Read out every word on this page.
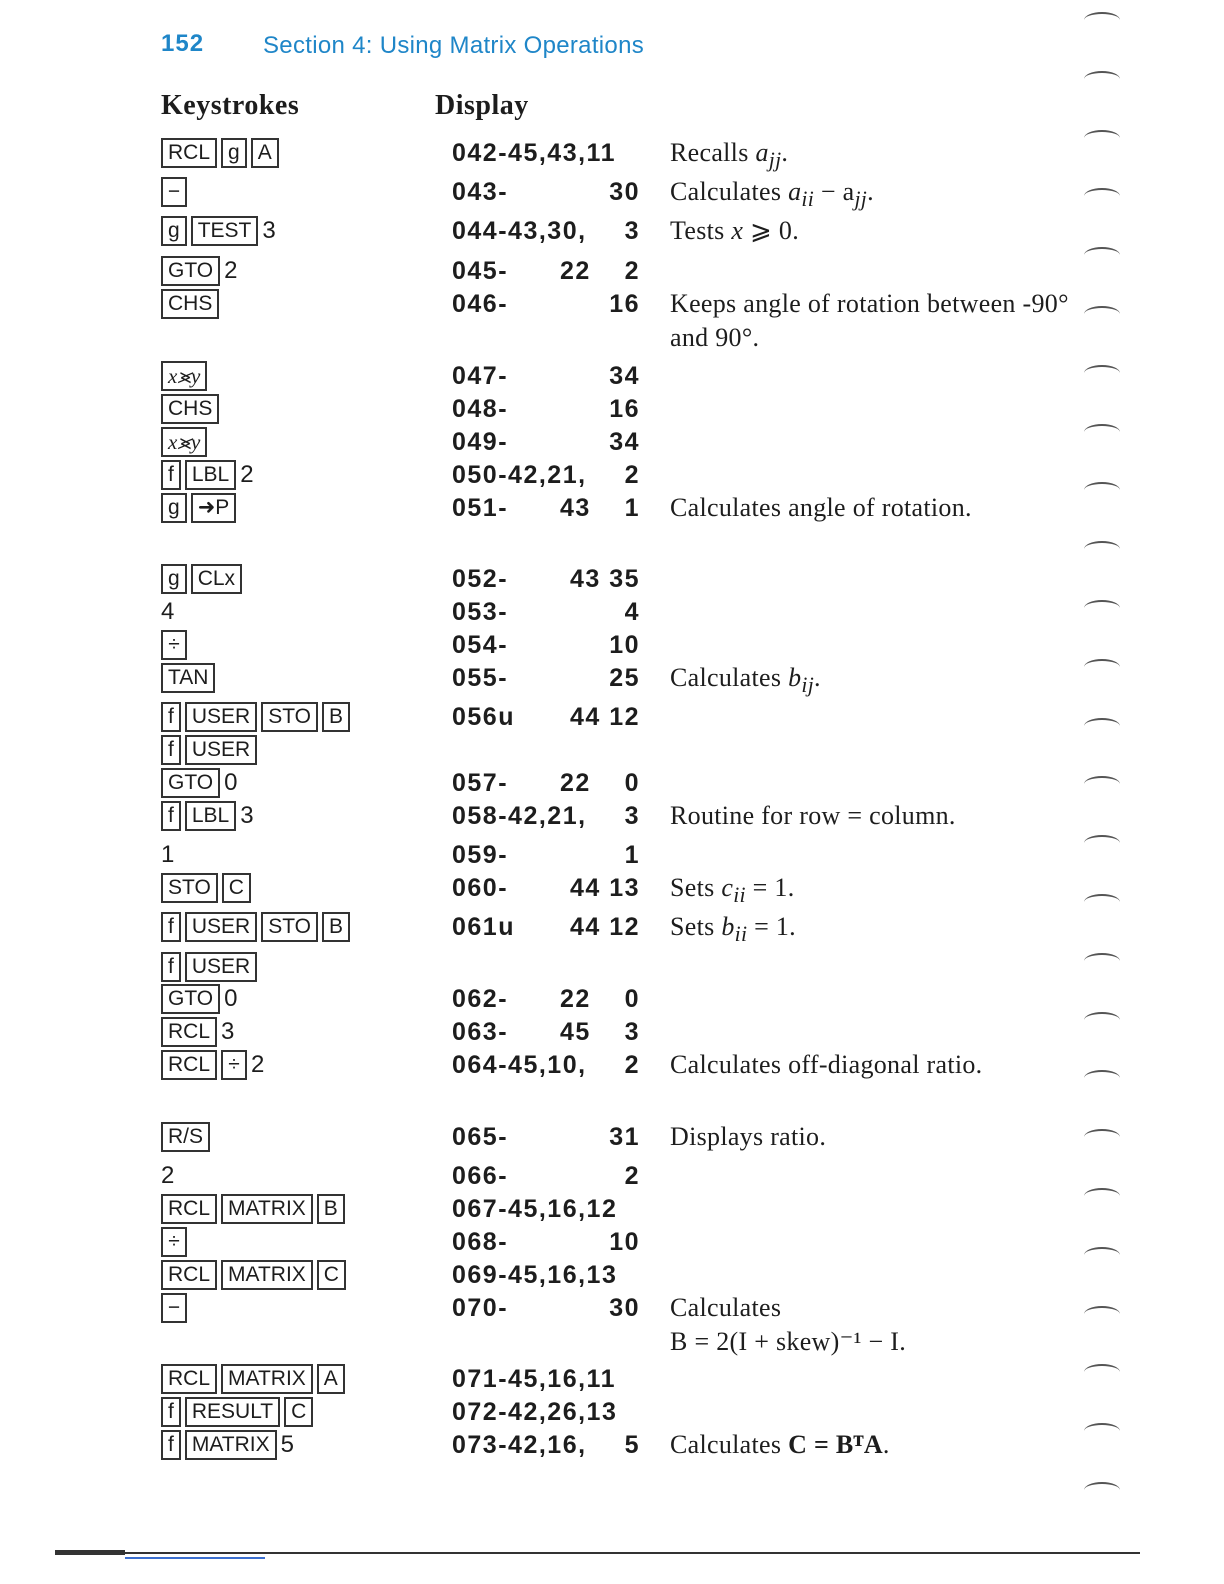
152 Section 4: Using Matrix Operations
Keystrokes	Display
RCL g A	042-45,43,11 Recalls $a_{jj}$.
−	043-	30 Calculates $a_{ii} - a_{jj}$.
g TEST 3	044-43,30, 3 Tests x ⩾ 0.
GTO 2	045- 22    2
CHS	046-	16 Keeps angle of rotation between -90° and 90°.
x⪤y	047-	34
CHS	048-	16
x⪤y	049-	34
f LBL 2	050-42,21, 2
g ➜P	051- 43    1 Calculates angle of rotation.
g CLx	052- 43 35
4	053-	4
÷	054-	10
TAN	055-	25 Calculates $b_{ij}$.
f USER STO B	056u 44 12
f USER
GTO 0	057- 22    0
f LBL 3	058-42,21, 3 Routine for row = column.
1	059-	1
STO C	060- 44 13 Sets $c_{ii} = 1$.
f USER STO B	061u 44 12 Sets $b_{ii} = 1$.
f USER
GTO 0	062- 22    0
RCL 3	063- 45    3
RCL ÷ 2	064-45,10, 2 Calculates off-diagonal ratio.
R/S	065-	31 Displays ratio.
2	066-	2
RCL MATRIX B	067-45,16,12
÷	068-	10
RCL MATRIX C	069-45,16,13
−	070-	30 Calculates
B = 2(I + skew)⁻¹ − I.
RCL MATRIX A	071-45,16,11
f RESULT C	072-42,26,13
f MATRIX 5	073-42,16, 5 Calculates C = BᵀA.
